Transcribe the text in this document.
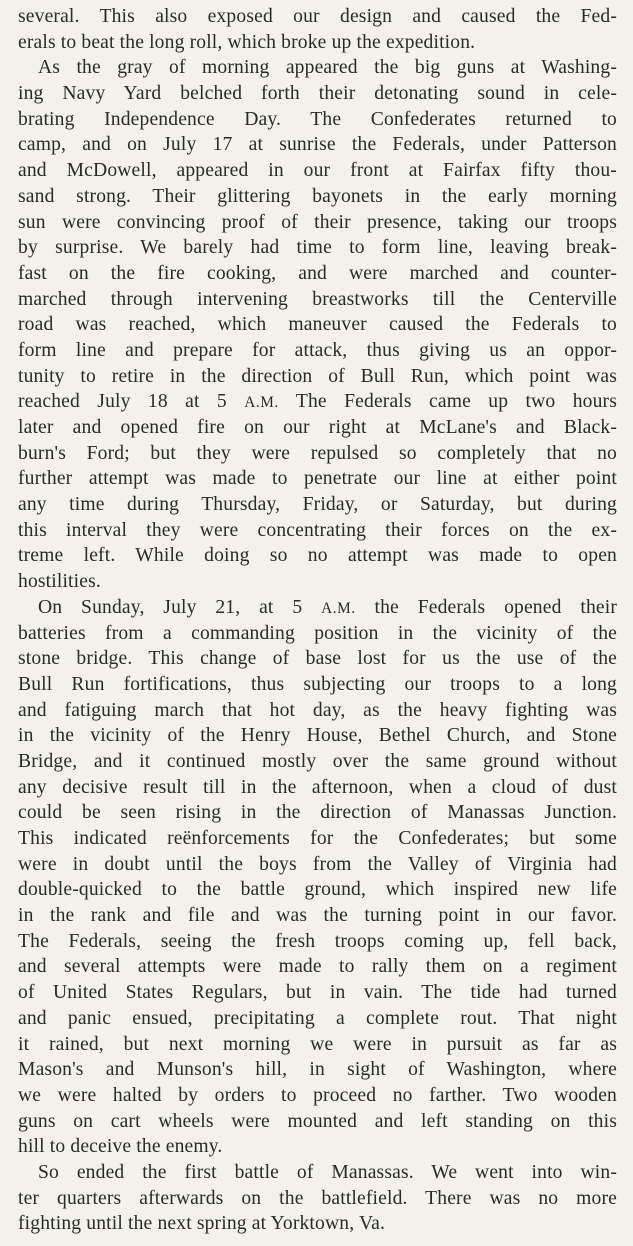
several. This also exposed our design and caused the Fed-
erals to beat the long roll, which broke up the expedition.
As the gray of morning appeared the big guns at Washing-
ing Navy Yard belched forth their detonating sound in cele-
brating Independence Day. The Confederates returned to
camp, and on July 17 at sunrise the Federals, under Patterson
and McDowell, appeared in our front at Fairfax fifty thou-
sand strong. Their glittering bayonets in the early morning
sun were convincing proof of their presence, taking our troops
by surprise. We barely had time to form line, leaving break-
fast on the fire cooking, and were marched and counter-
marched through intervening breastworks till the Centerville
road was reached, which maneuver caused the Federals to
form line and prepare for attack, thus giving us an oppor-
tunity to retire in the direction of Bull Run, which point was
reached July 18 at 5 A.M. The Federals came up two hours
later and opened fire on our right at McLane's and Black-
burn's Ford; but they were repulsed so completely that no
further attempt was made to penetrate our line at either point
any time during Thursday, Friday, or Saturday, but during
this interval they were concentrating their forces on the ex-
treme left. While doing so no attempt was made to open
hostilities.
On Sunday, July 21, at 5 A.M. the Federals opened their
batteries from a commanding position in the vicinity of the
stone bridge. This change of base lost for us the use of the
Bull Run fortifications, thus subjecting our troops to a long
and fatiguing march that hot day, as the heavy fighting was
in the vicinity of the Henry House, Bethel Church, and Stone
Bridge, and it continued mostly over the same ground without
any decisive result till in the afternoon, when a cloud of dust
could be seen rising in the direction of Manassas Junction.
This indicated reënforcements for the Confederates; but some
were in doubt until the boys from the Valley of Virginia had
double-quicked to the battle ground, which inspired new life
in the rank and file and was the turning point in our favor.
The Federals, seeing the fresh troops coming up, fell back,
and several attempts were made to rally them on a regiment
of United States Regulars, but in vain. The tide had turned
and panic ensued, precipitating a complete rout. That night
it rained, but next morning we were in pursuit as far as
Mason's and Munson's hill, in sight of Washington, where
we were halted by orders to proceed no farther. Two wooden
guns on cart wheels were mounted and left standing on this
hill to deceive the enemy.
So ended the first battle of Manassas. We went into win-
ter quarters afterwards on the battlefield. There was no more
fighting until the next spring at Yorktown, Va.
